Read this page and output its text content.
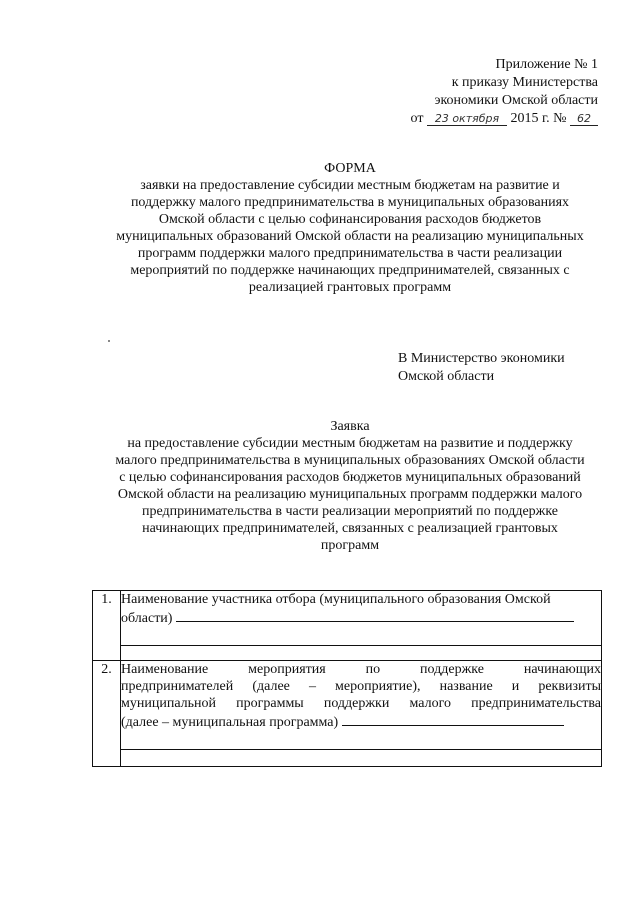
Приложение № 1
к приказу Министерства
экономики Омской области
от 23 октября 2015 г. № 62
ФОРМА
заявки на предоставление субсидии местным бюджетам на развитие и
поддержку малого предпринимательства в муниципальных образованиях
Омской области с целью софинансирования расходов бюджетов
муниципальных образований Омской области на реализацию муниципальных
программ поддержки малого предпринимательства в части реализации
мероприятий по поддержке начинающих предпринимателей, связанных с
реализацией грантовых программ
В Министерство экономики
Омской области
Заявка
на предоставление субсидии местным бюджетам на развитие и поддержку
малого предпринимательства в муниципальных образованиях Омской области
с целью софинансирования расходов бюджетов муниципальных образований
Омской области на реализацию муниципальных программ поддержки малого
предпринимательства в части реализации мероприятий по поддержке
начинающих предпринимателей, связанных с реализацией грантовых
программ
1.	Наименование участника отбора (муниципального образования Омской
области)

2.	Наименование мероприятия по поддержке начинающих
предпринимателей (далее – мероприятие), название и реквизиты
муниципальной программы поддержки малого предпринимательства
(далее – муниципальная программа)
